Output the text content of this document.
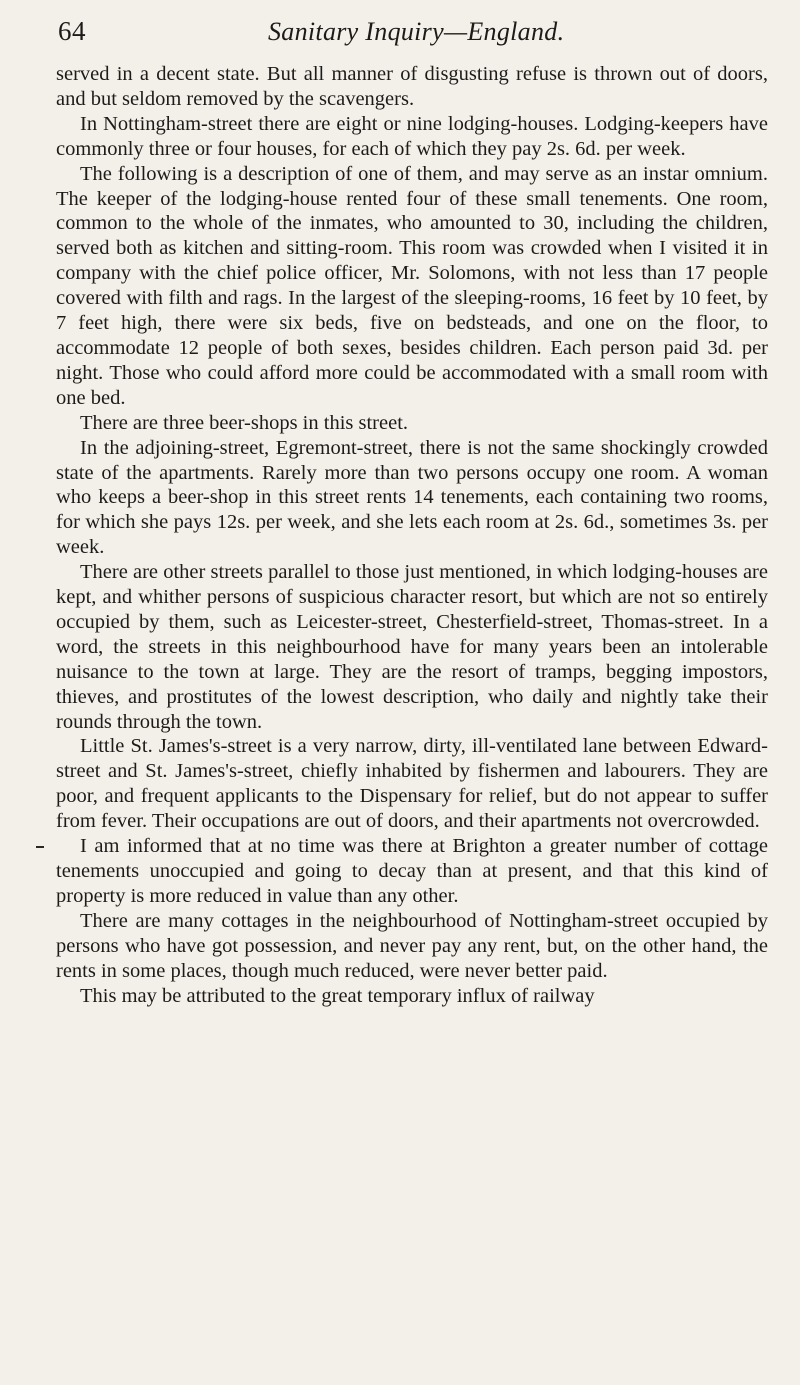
64	Sanitary Inquiry—England.

served in a decent state. But all manner of disgusting refuse is thrown out of doors, and but seldom removed by the scavengers.

In Nottingham-street there are eight or nine lodging-houses. Lodging-keepers have commonly three or four houses, for each of which they pay 2s. 6d. per week.

The following is a description of one of them, and may serve as an instar omnium. The keeper of the lodging-house rented four of these small tenements. One room, common to the whole of the inmates, who amounted to 30, including the children, served both as kitchen and sitting-room. This room was crowded when I visited it in company with the chief police officer, Mr. Solomons, with not less than 17 people covered with filth and rags. In the largest of the sleeping-rooms, 16 feet by 10 feet, by 7 feet high, there were six beds, five on bedsteads, and one on the floor, to accommodate 12 people of both sexes, besides children. Each person paid 3d. per night. Those who could afford more could be accommodated with a small room with one bed.

There are three beer-shops in this street.

In the adjoining-street, Egremont-street, there is not the same shockingly crowded state of the apartments. Rarely more than two persons occupy one room. A woman who keeps a beer-shop in this street rents 14 tenements, each containing two rooms, for which she pays 12s. per week, and she lets each room at 2s. 6d., sometimes 3s. per week.

There are other streets parallel to those just mentioned, in which lodging-houses are kept, and whither persons of suspicious character resort, but which are not so entirely occupied by them, such as Leicester-street, Chesterfield-street, Thomas-street. In a word, the streets in this neighbourhood have for many years been an intolerable nuisance to the town at large. They are the resort of tramps, begging impostors, thieves, and prostitutes of the lowest description, who daily and nightly take their rounds through the town.

Little St. James's-street is a very narrow, dirty, ill-ventilated lane between Edward-street and St. James's-street, chiefly inhabited by fishermen and labourers. They are poor, and frequent applicants to the Dispensary for relief, but do not appear to suffer from fever. Their occupations are out of doors, and their apartments not overcrowded.

I am informed that at no time was there at Brighton a greater number of cottage tenements unoccupied and going to decay than at present, and that this kind of property is more reduced in value than any other.

There are many cottages in the neighbourhood of Nottingham-street occupied by persons who have got possession, and never pay any rent, but, on the other hand, the rents in some places, though much reduced, were never better paid.

This may be attributed to the great temporary influx of railway
